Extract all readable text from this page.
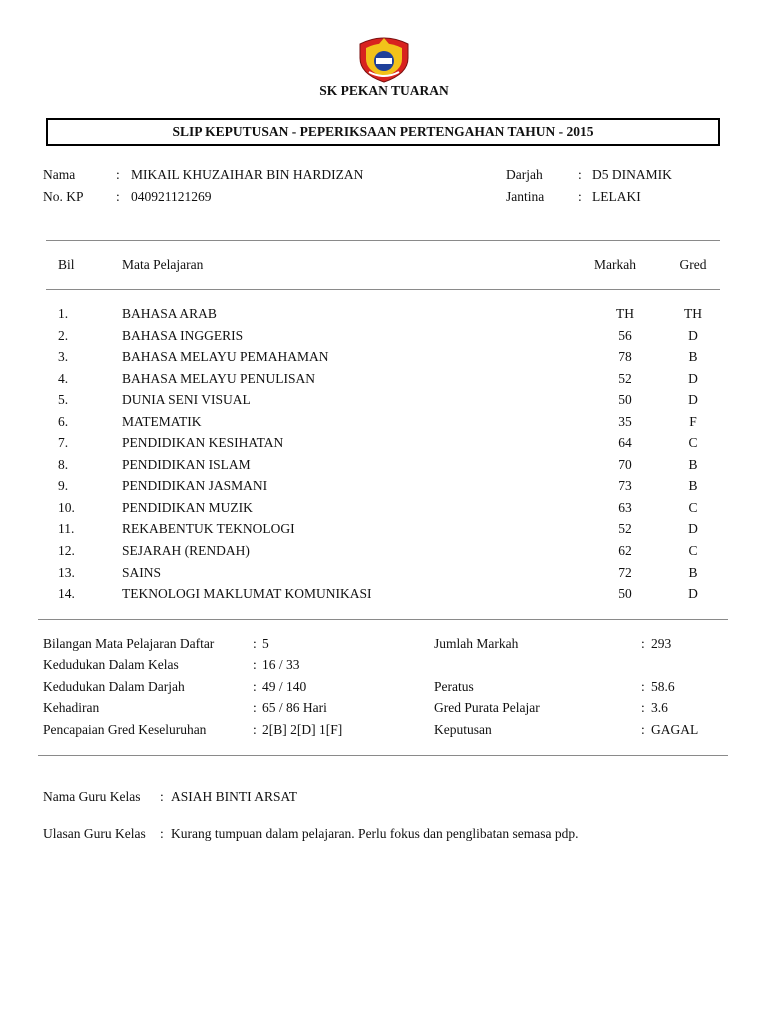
SK PEKAN TUARAN
SLIP KEPUTUSAN - PEPERIKSAAN PERTENGAHAN TAHUN - 2015
Nama	: MIKAIL KHUZAIHAR BIN HARDIZAN
No. KP : 040921121269
Darjah	: D5 DINAMIK
Jantina	: LELAKI
Bil	Mata Pelajaran	Markah	Gred
1.	BAHASA ARAB	TH	TH
2.	BAHASA INGGERIS	56	D
3.	BAHASA MELAYU PEMAHAMAN	78	B
4.	BAHASA MELAYU PENULISAN	52	D
5.	DUNIA SENI VISUAL	50	D
6.	MATEMATIK	35	F
7.	PENDIDIKAN KESIHATAN	64	C
8.	PENDIDIKAN ISLAM	70	B
9.	PENDIDIKAN JASMANI	73	B
10.	PENDIDIKAN MUZIK	63	C
11.	REKABENTUK TEKNOLOGI	52	D
12.	SEJARAH (RENDAH)	62	C
13.	SAINS	72	B
14.	TEKNOLOGI MAKLUMAT KOMUNIKASI	50	D
Bilangan Mata Pelajaran Daftar	: 5
Kedudukan Dalam Kelas	: 16 / 33
Kedudukan Dalam Darjah	: 49 / 140
Kehadiran	: 65 / 86 Hari
Pencapaian Gred Keseluruhan	: 2[B] 2[D] 1[F]
Jumlah Markah	: 293
Peratus	: 58.6
Gred Purata Pelajar	: 3.6
Keputusan	: GAGAL
Nama Guru Kelas : ASIAH BINTI ARSAT
Ulasan Guru Kelas : Kurang tumpuan dalam pelajaran. Perlu fokus dan penglibatan semasa pdp.
